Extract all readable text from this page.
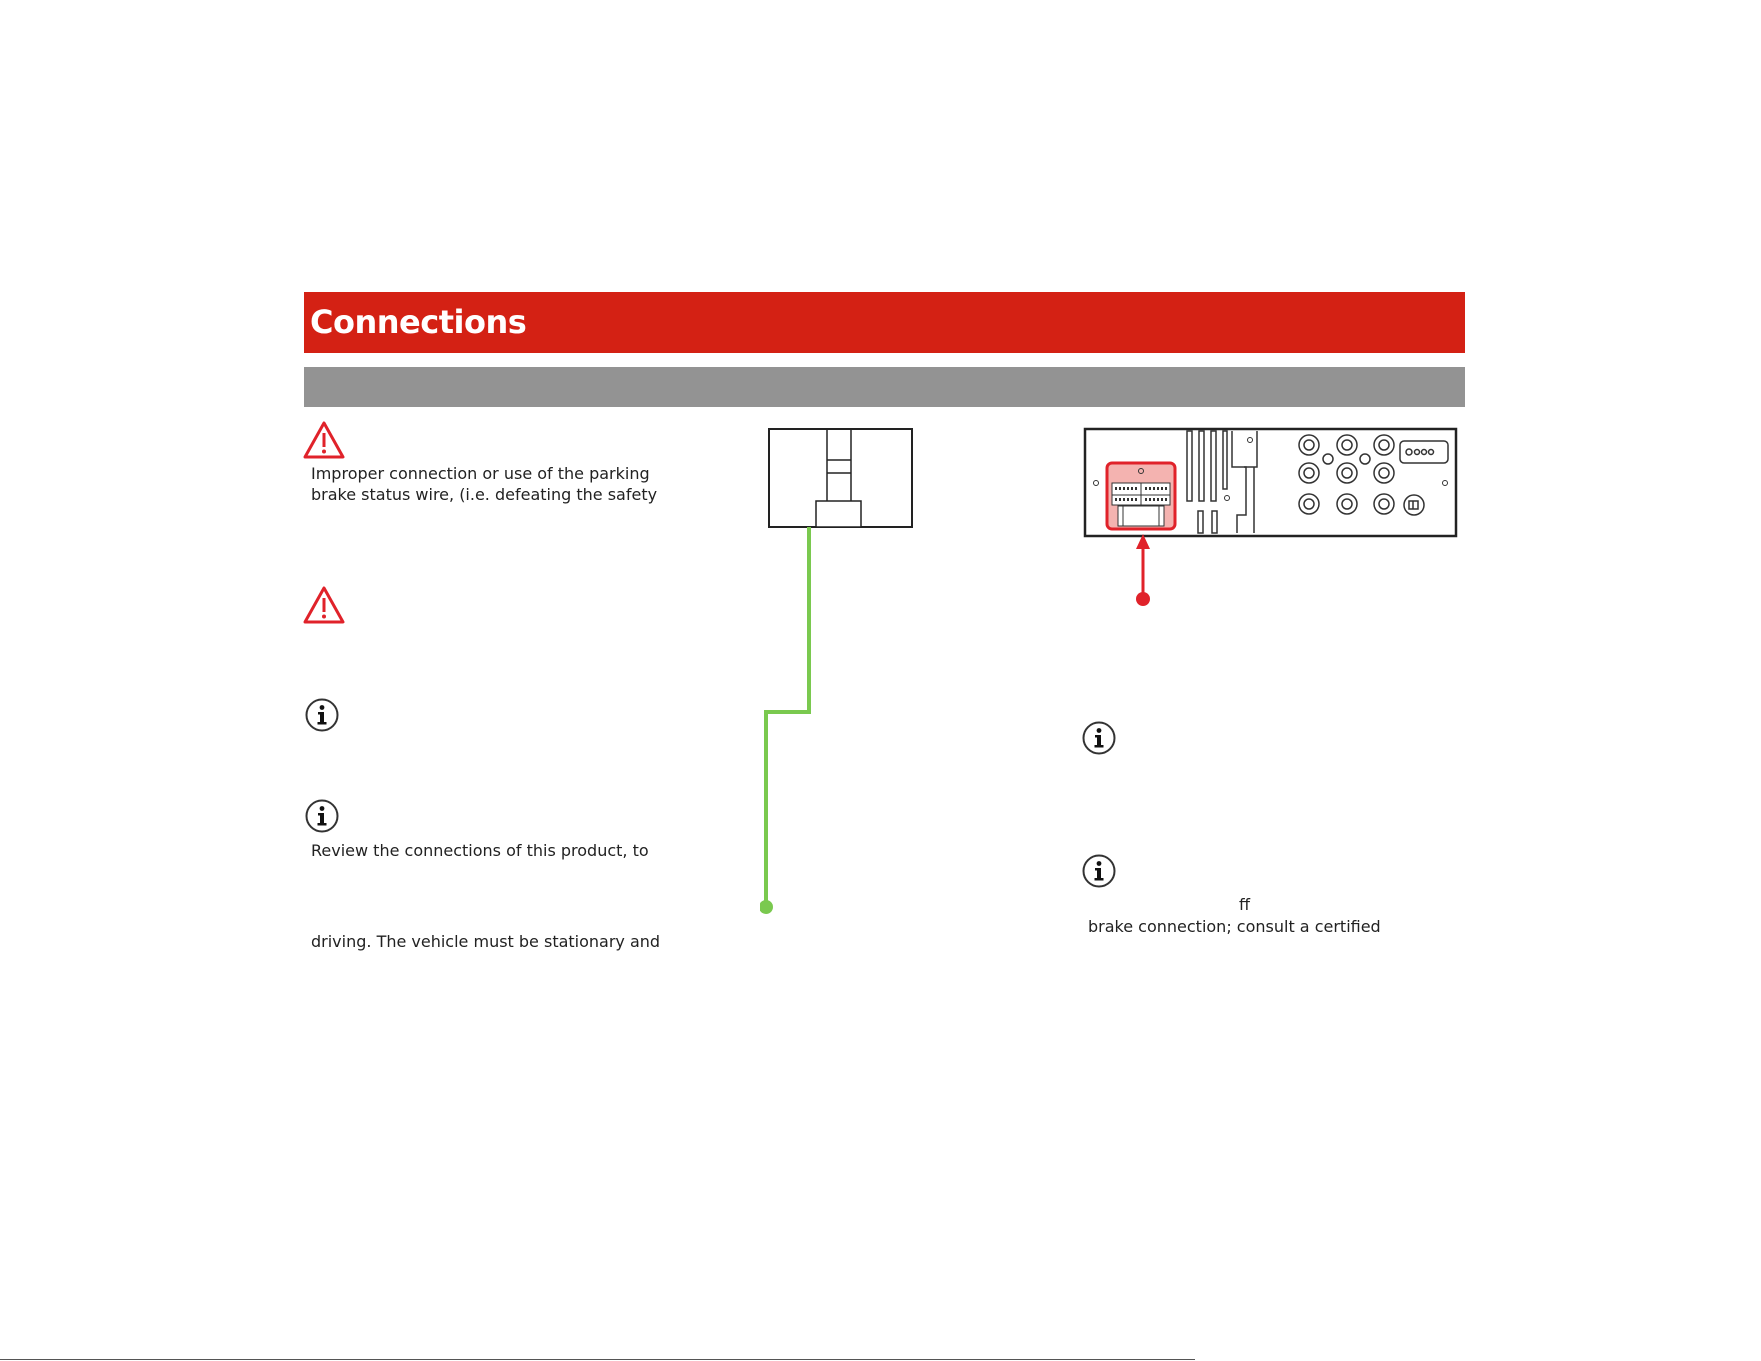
Connections
Improper connection or use of the parking
brake status wire, (i.e. defeating the safety
Review the connections of this product, to
driving. The vehicle must be stationary and
ff
brake connection; consult a certified
